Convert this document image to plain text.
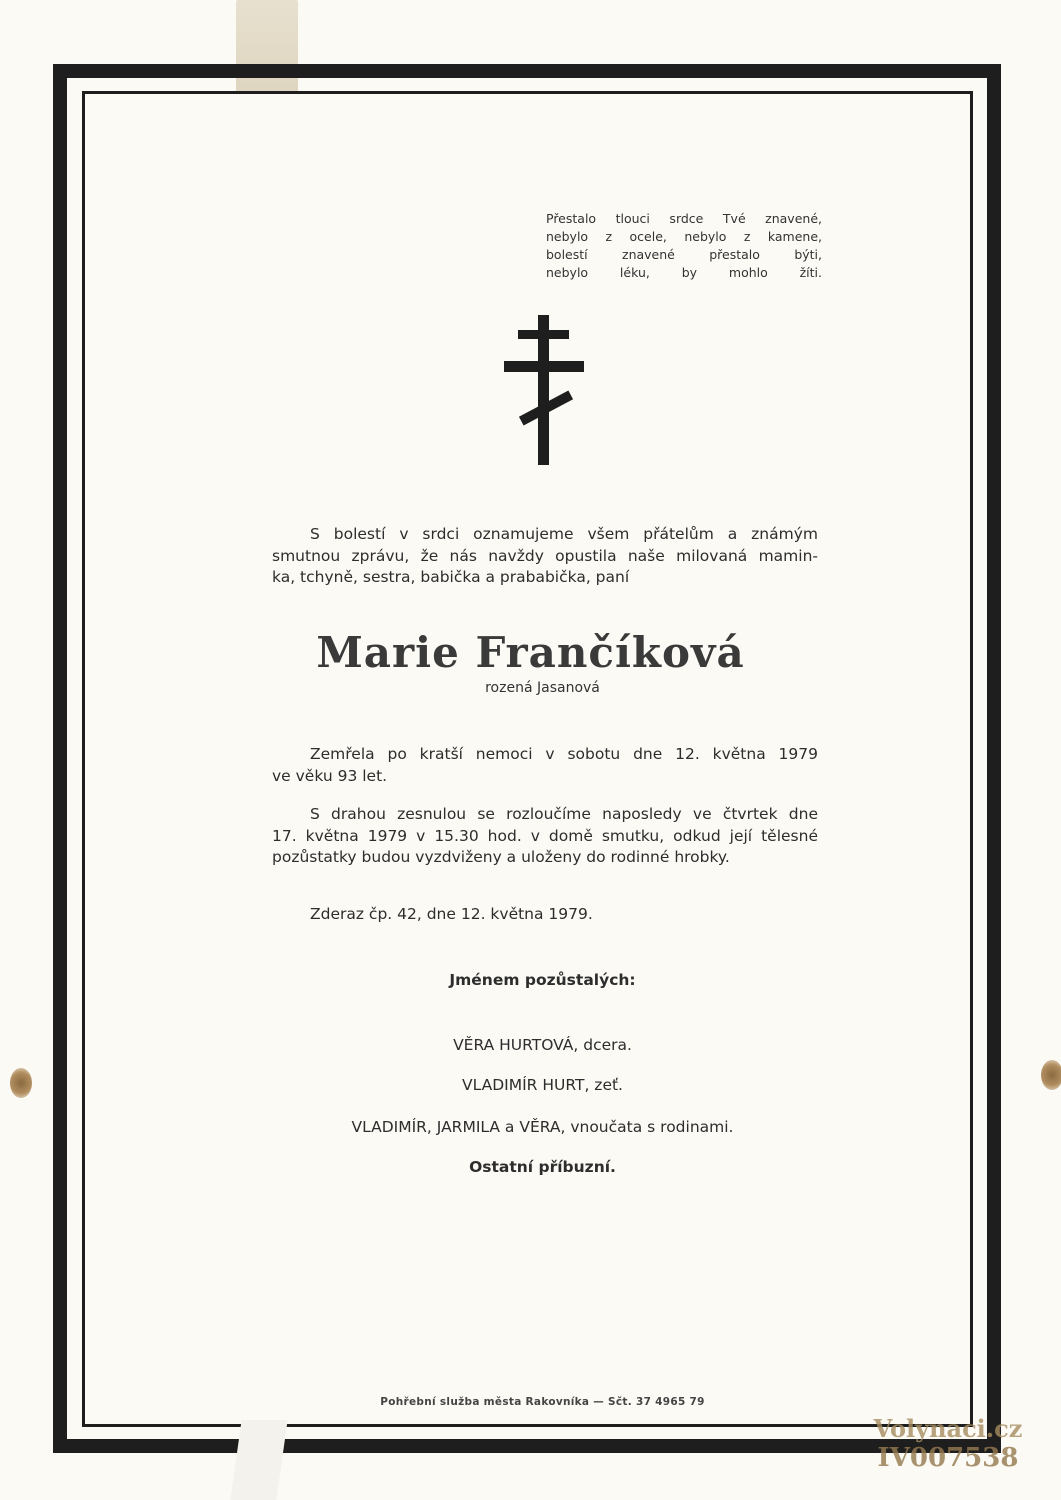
Přestalo tlouci srdce Tvé znavené,
nebylo z ocele, nebylo z kamene,
bolestí znavené přestalo býti,
nebylo léku, by mohlo žíti.
S bolestí v srdci oznamujeme všem přátelům a známým
smutnou zprávu, že nás navždy opustila naše milovaná mamin-
ka, tchyně, sestra, babička a prababička, paní
Marie Frančíková
rozená Jasanová
Zemřela po kratší nemoci v sobotu dne 12. května 1979
ve věku 93 let.
S drahou zesnulou se rozloučíme naposledy ve čtvrtek dne
17. května 1979 v 15.30 hod. v domě smutku, odkud její tělesné
pozůstatky budou vyzdviženy a uloženy do rodinné hrobky.
Zderaz čp. 42, dne 12. května 1979.
Jménem pozůstalých:
VĚRA HURTOVÁ, dcera.
VLADIMÍR HURT, zeť.
VLADIMÍR, JARMILA a VĚRA, vnoučata s rodinami.
Ostatní příbuzní.
Pohřební služba města Rakovníka — Sčt. 37 4965 79
Volynaci.cz
IV007538
